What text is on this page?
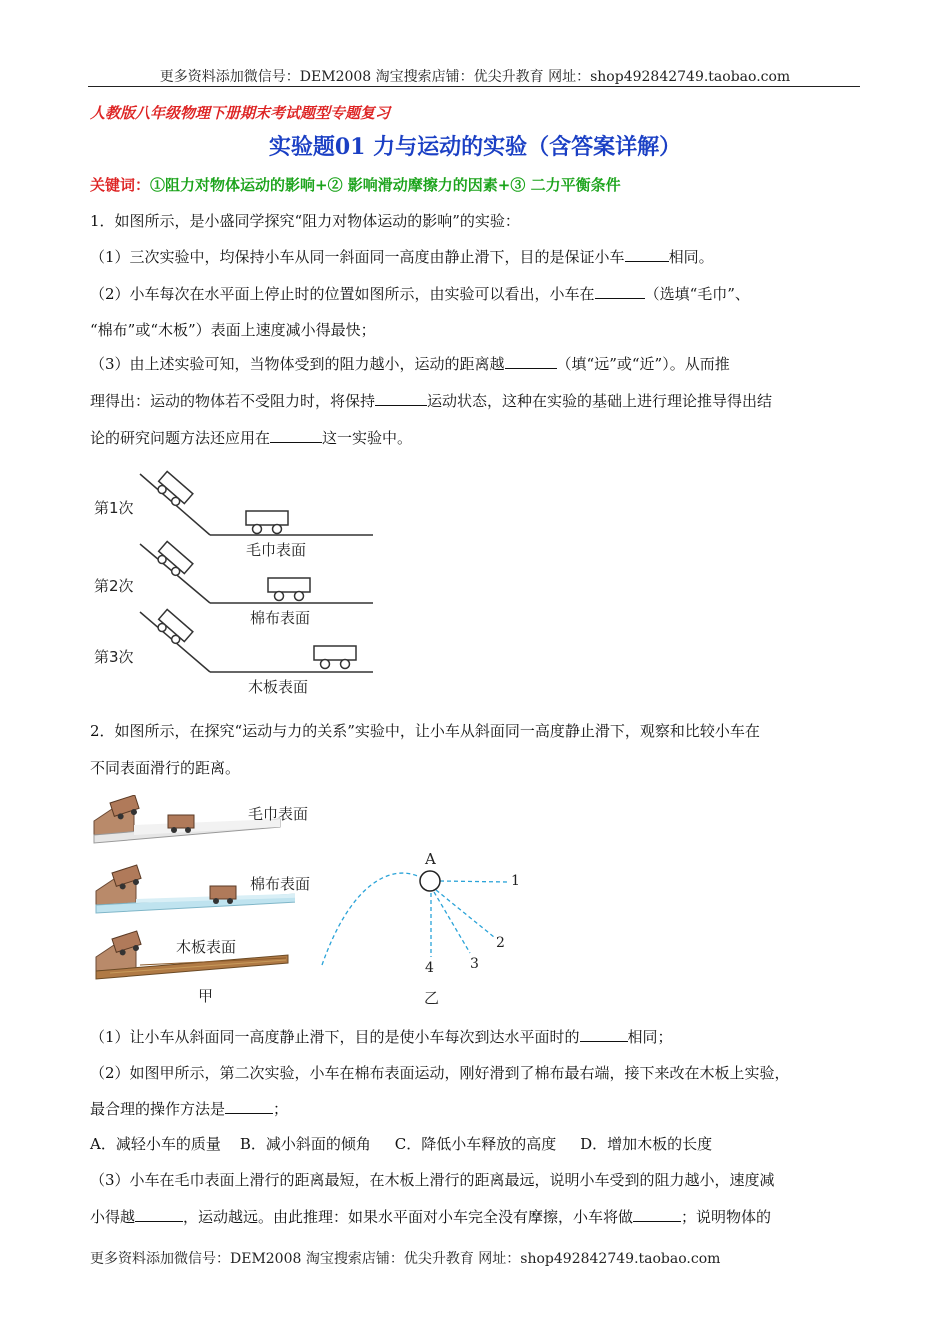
更多资料添加微信号：DEM2008 淘宝搜索店铺：优尖升教育 网址：shop492842749.taobao.com
人教版八年级物理下册期末考试题型专题复习
实验题01 力与运动的实验（含答案详解）
关键词：①阻力对物体运动的影响+② 影响滑动摩擦力的因素+③ 二力平衡条件
1．如图所示，是小盛同学探究“阻力对物体运动的影响”的实验：
（1）三次实验中，均保持小车从同一斜面同一高度由静止滑下，目的是保证小车	相同。
（2）小车每次在水平面上停止时的位置如图所示，由实验可以看出，小车在	（选填“毛巾”、
“棉布”或“木板”）表面上速度减小得最快；
（3）由上述实验可知，当物体受到的阻力越小，运动的距离越	（填“远”或“近”）。从而推
理得出：运动的物体若不受阻力时，将保持	运动状态，这种在实验的基础上进行理论推导得出结
论的研究问题方法还应用在	这一实验中。
第1次
第2次
第3次
毛巾表面
棉布表面
木板表面
2．如图所示，在探究“运动与力的关系”实验中，让小车从斜面同一高度静止滑下，观察和比较小车在
不同表面滑行的距离。
毛巾表面
棉布表面
木板表面
甲
A
1
2
3
4
乙
（1）让小车从斜面同一高度静止滑下，目的是使小车每次到达水平面时的	相同；
（2）如图甲所示，第二次实验，小车在棉布表面运动，刚好滑到了棉布最右端，接下来改在木板上实验，
最合理的操作方法是	；
A．减轻小车的质量    B．减小斜面的倾角     C．降低小车释放的高度     D．增加木板的长度
（3）小车在毛巾表面上滑行的距离最短，在木板上滑行的距离最远，说明小车受到的阻力越小，速度减
小得越	，运动越远。由此推理：如果水平面对小车完全没有摩擦，小车将做	；说明物体的
更多资料添加微信号：DEM2008 淘宝搜索店铺：优尖升教育 网址：shop492842749.taobao.com
